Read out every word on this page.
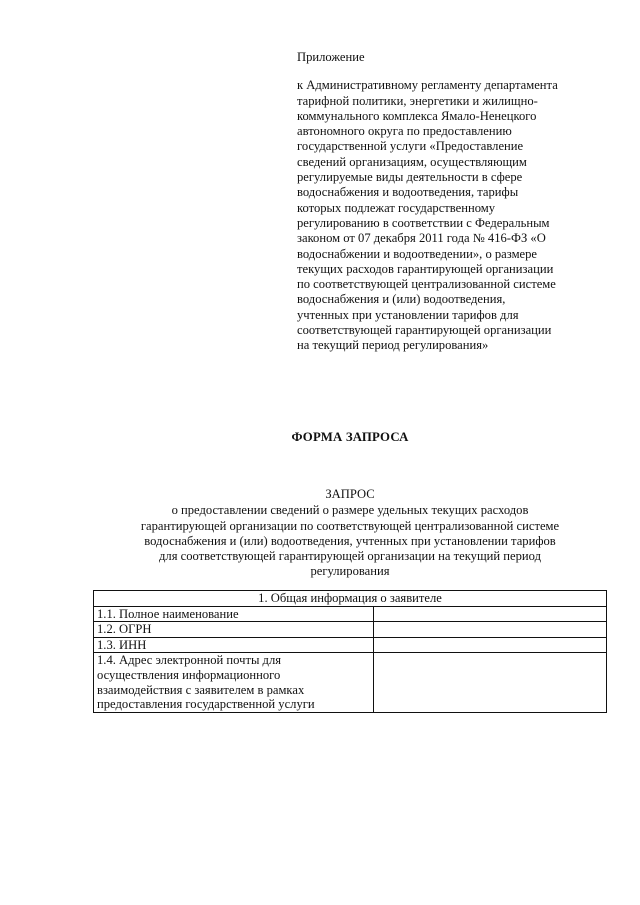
Приложение
к Административному регламенту департамента
тарифной политики, энергетики и жилищно-
коммунального комплекса Ямало-Ненецкого
автономного округа по предоставлению
государственной услуги «Предоставление
сведений организациям, осуществляющим
регулируемые виды деятельности в сфере
водоснабжения и водоотведения, тарифы
которых подлежат государственному
регулированию в соответствии с Федеральным
законом от 07 декабря 2011 года № 416-ФЗ «О
водоснабжении и водоотведении», о размере
текущих расходов гарантирующей организации
по соответствующей централизованной системе
водоснабжения и (или) водоотведения,
учтенных при установлении тарифов для
соответствующей гарантирующей организации
на текущий период регулирования»
ФОРМА ЗАПРОСА
ЗАПРОС
о предоставлении сведений о размере удельных текущих расходов
гарантирующей организации по соответствующей централизованной системе
водоснабжения и (или) водоотведения, учтенных при установлении тарифов
для соответствующей гарантирующей организации на текущий период
регулирования
1. Общая информация о заявителе	
1.1. Полное наименование	
1.2. ОГРН	
1.3. ИНН	

1.4. Адрес электронной почты для
осуществления информационного
взаимодействия с заявителем в рамках
предоставления государственной услуги	
